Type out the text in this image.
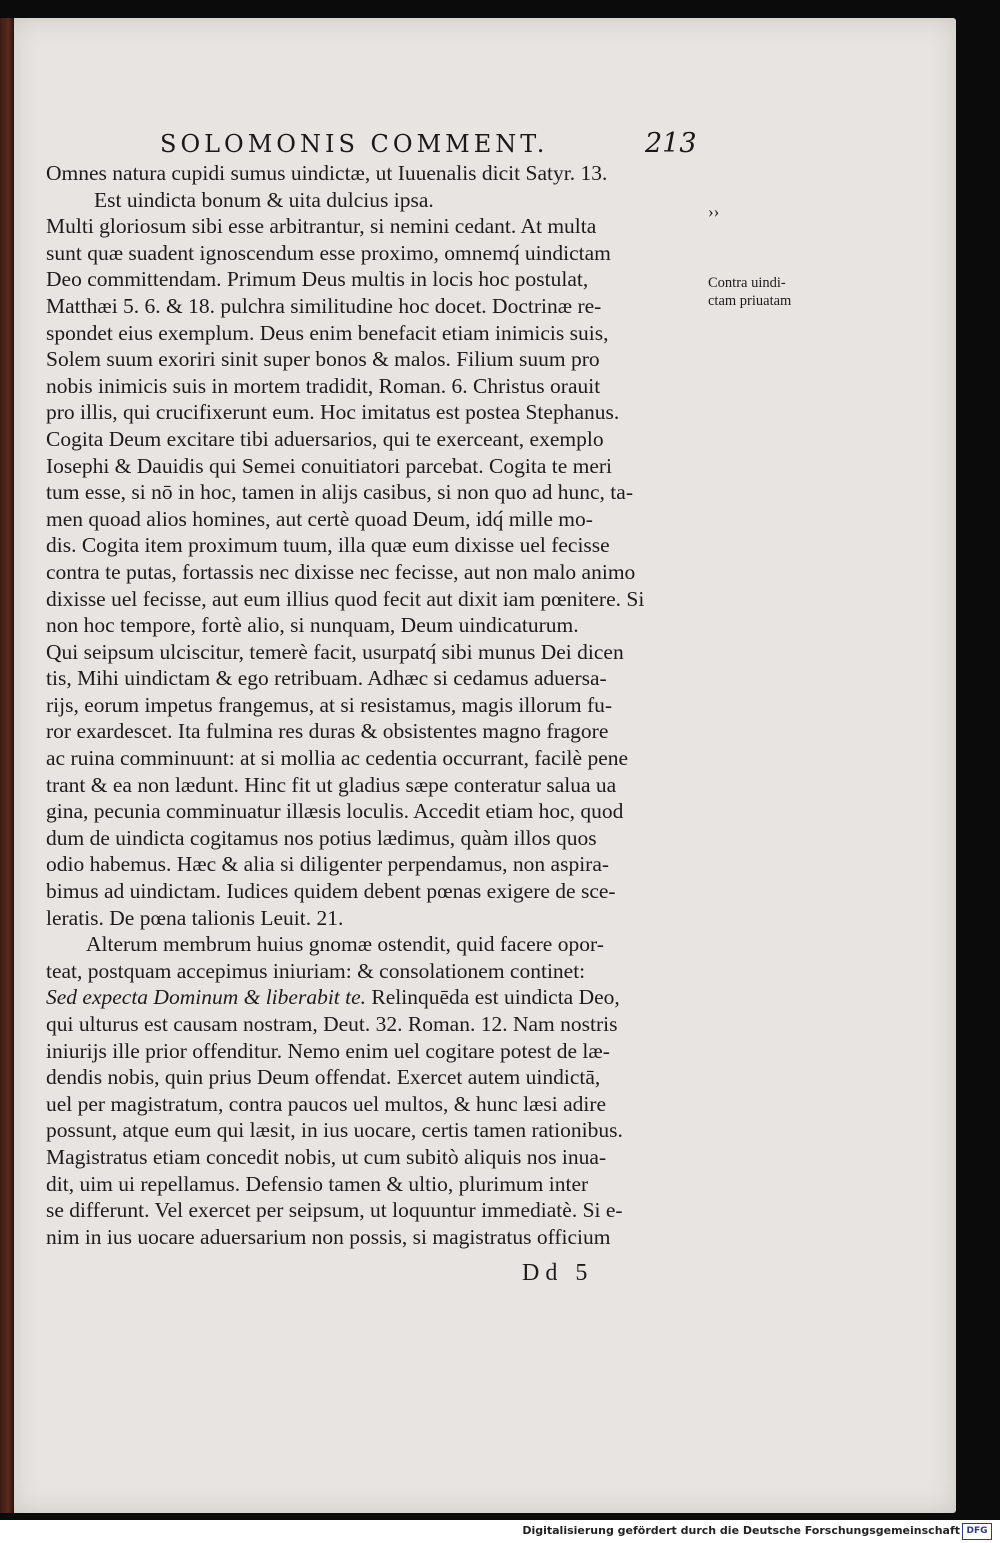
SOLOMONIS COMMENT.	213
Omnes natura cupidi sumus uindictæ, ut Iuuenalis dicit Satyr. 13.
Est uindicta bonum & uita dulcius ipsa.
Multi gloriosum sibi esse arbitrantur, si nemini cedant. At multa
sunt quæ suadent ignoscendum esse proximo, omnemq́ uindictam
Deo committendam. Primum Deus multis in locis hoc postulat,
Matthæi 5. 6. & 18. pulchra similitudine hoc docet. Doctrinæ re-
spondet eius exemplum. Deus enim benefacit etiam inimicis suis,
Solem suum exoriri sinit super bonos & malos. Filium suum pro
nobis inimicis suis in mortem tradidit, Roman. 6. Christus orauit
pro illis, qui crucifixerunt eum. Hoc imitatus est postea Stephanus.
Cogita Deum excitare tibi aduersarios, qui te exerceant, exemplo
Iosephi & Dauidis qui Semei conuitiatori parcebat. Cogita te meri
tum esse, si nō in hoc, tamen in alijs casibus, si non quo ad hunc, ta-
men quoad alios homines, aut certè quoad Deum, idq́ mille mo-
dis. Cogita item proximum tuum, illa quæ eum dixisse uel fecisse
contra te putas, fortassis nec dixisse nec fecisse, aut non malo animo
dixisse uel fecisse, aut eum illius quod fecit aut dixit iam pœnitere. Si
non hoc tempore, fortè alio, si nunquam, Deum uindicaturum.
Qui seipsum ulciscitur, temerè facit, usurpatq́ sibi munus Dei dicen
tis, Mihi uindictam & ego retribuam. Adhæc si cedamus aduersa-
rijs, eorum impetus frangemus, at si resistamus, magis illorum fu-
ror exardescet. Ita fulmina res duras & obsistentes magno fragore
ac ruina comminuunt: at si mollia ac cedentia occurrant, facilè pene
trant & ea non lædunt. Hinc fit ut gladius sæpe conteratur salua ua
gina, pecunia comminuatur illæsis loculis. Accedit etiam hoc, quod
dum de uindicta cogitamus nos potius lædimus, quàm illos quos
odio habemus. Hæc & alia si diligenter perpendamus, non aspira-
bimus ad uindictam. Iudices quidem debent pœnas exigere de sce-
leratis. De pœna talionis Leuit. 21.
Alterum membrum huius gnomæ ostendit, quid facere opor-
teat, postquam accepimus iniuriam: & consolationem continet:
Sed expecta Dominum & liberabit te. Relinquēda est uindicta Deo,
qui ulturus est causam nostram, Deut. 32. Roman. 12. Nam nostris
iniurijs ille prior offenditur. Nemo enim uel cogitare potest de læ-
dendis nobis, quin prius Deum offendat. Exercet autem uindictā,
uel per magistratum, contra paucos uel multos, & hunc læsi adire
possunt, atque eum qui læsit, in ius uocare, certis tamen rationibus.
Magistratus etiam concedit nobis, ut cum subitò aliquis nos inua-
dit, uim ui repellamus. Defensio tamen & ultio, plurimum inter
se differunt. Vel exercet per seipsum, ut loquuntur immediatè. Si e-
nim in ius uocare aduersarium non possis, si magistratus officium
››
Contra uindi-
ctam priuatam
Dd 5
Digitalisierung gefördert durch die Deutsche Forschungsgemeinschaft DFG
